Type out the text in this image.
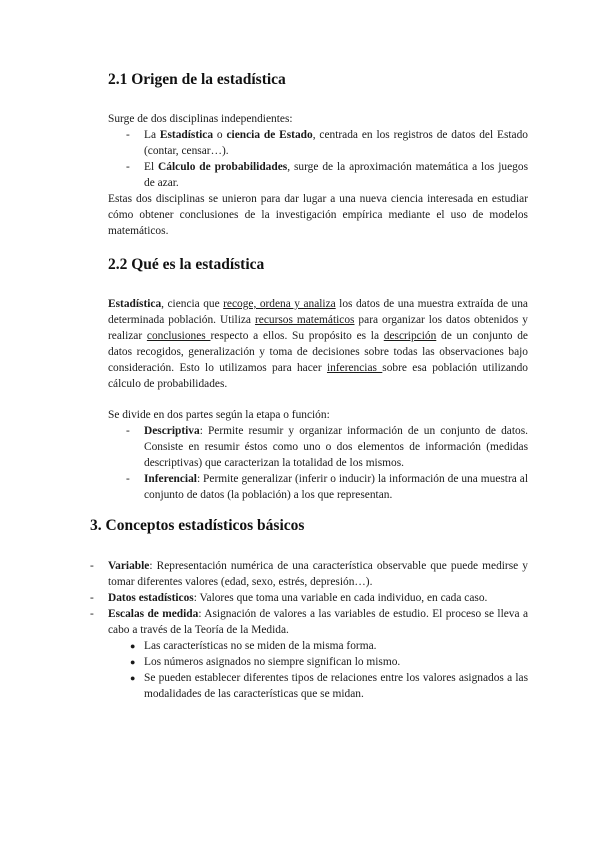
2.1 Origen de la estadística

Surge de dos disciplinas independientes:

- La Estadística o ciencia de Estado, centrada en los registros de datos del Estado (contar, censar…).
- El Cálculo de probabilidades, surge de la aproximación matemática a los juegos de azar.

Estas dos disciplinas se unieron para dar lugar a una nueva ciencia interesada en estudiar cómo obtener conclusiones de la investigación empírica mediante el uso de modelos matemáticos.

2.2 Qué es la estadística

Estadística, ciencia que recoge, ordena y analiza los datos de una muestra extraída de una determinada población. Utiliza recursos matemáticos para organizar los datos obtenidos y realizar conclusiones respecto a ellos. Su propósito es la descripción de un conjunto de datos recogidos, generalización y toma de decisiones sobre todas las observaciones bajo consideración. Esto lo utilizamos para hacer inferencias sobre esa población utilizando cálculo de probabilidades.

Se divide en dos partes según la etapa o función:

- Descriptiva: Permite resumir y organizar información de un conjunto de datos. Consiste en resumir éstos como uno o dos elementos de información (medidas descriptivas) que caracterizan la totalidad de los mismos.
- Inferencial: Permite generalizar (inferir o inducir) la información de una muestra al conjunto de datos (la población) a los que representan.
3. Conceptos estadísticos básicos
- Variable: Representación numérica de una característica observable que puede medirse y tomar diferentes valores (edad, sexo, estrés, depresión…).
- Datos estadísticos: Valores que toma una variable en cada individuo, en cada caso.
- Escalas de medida: Asignación de valores a las variables de estudio. El proceso se lleva a cabo a través de la Teoría de la Medida.
● Las características no se miden de la misma forma.
● Los números asignados no siempre significan lo mismo.
● Se pueden establecer diferentes tipos de relaciones entre los valores asignados a las modalidades de las características que se midan.
